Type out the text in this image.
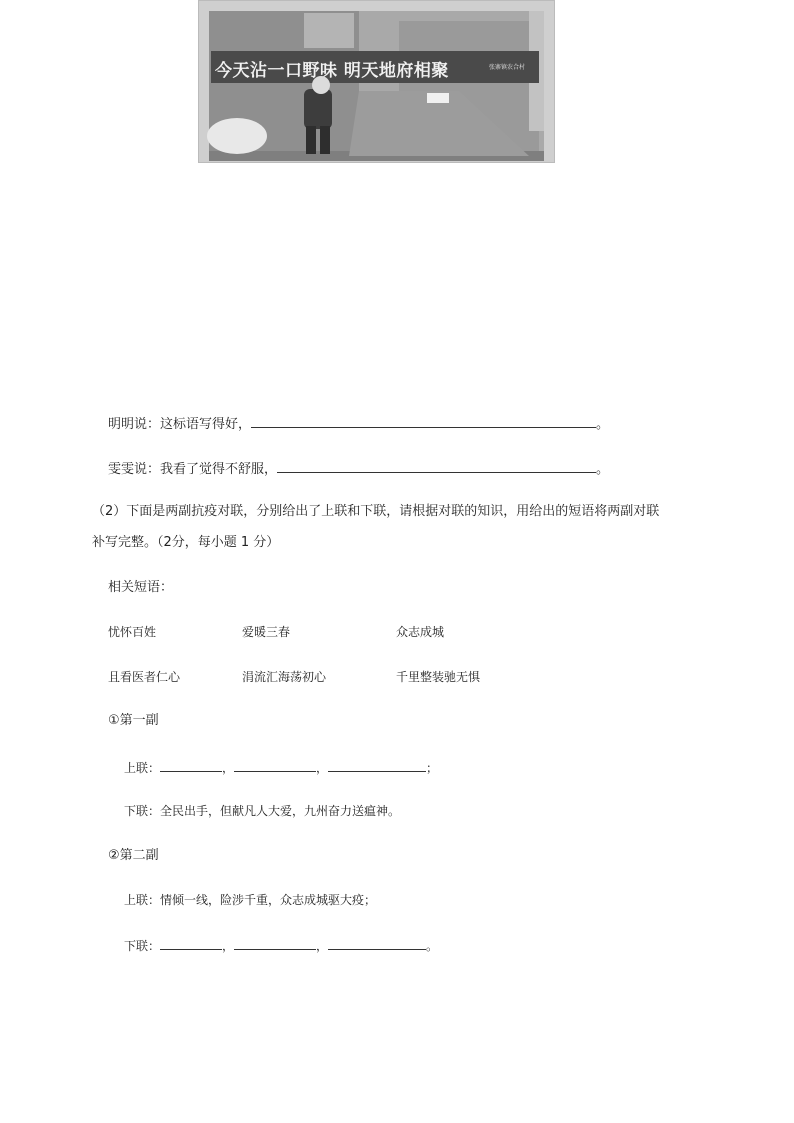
今天沾一口野味 明天地府相聚	张寨镇农合村
明明说：这标语写得好，	。
雯雯说：我看了觉得不舒服，	。
（2）下面是两副抗疫对联，分别给出了上联和下联，请根据对联的知识，用给出的短语将两副对联
补写完整。（2分，每小题 1 分）
相关短语：
忧怀百姓	爱暖三春	众志成城
且看医者仁心	涓流汇海荡初心	千里整装驰无惧
①第一副
上联：	，	，	；
下联：全民出手，但献凡人大爱，九州奋力送瘟神。
②第二副
上联：情倾一线，险涉千重，众志成城驱大疫；
下联：	，	，	。
